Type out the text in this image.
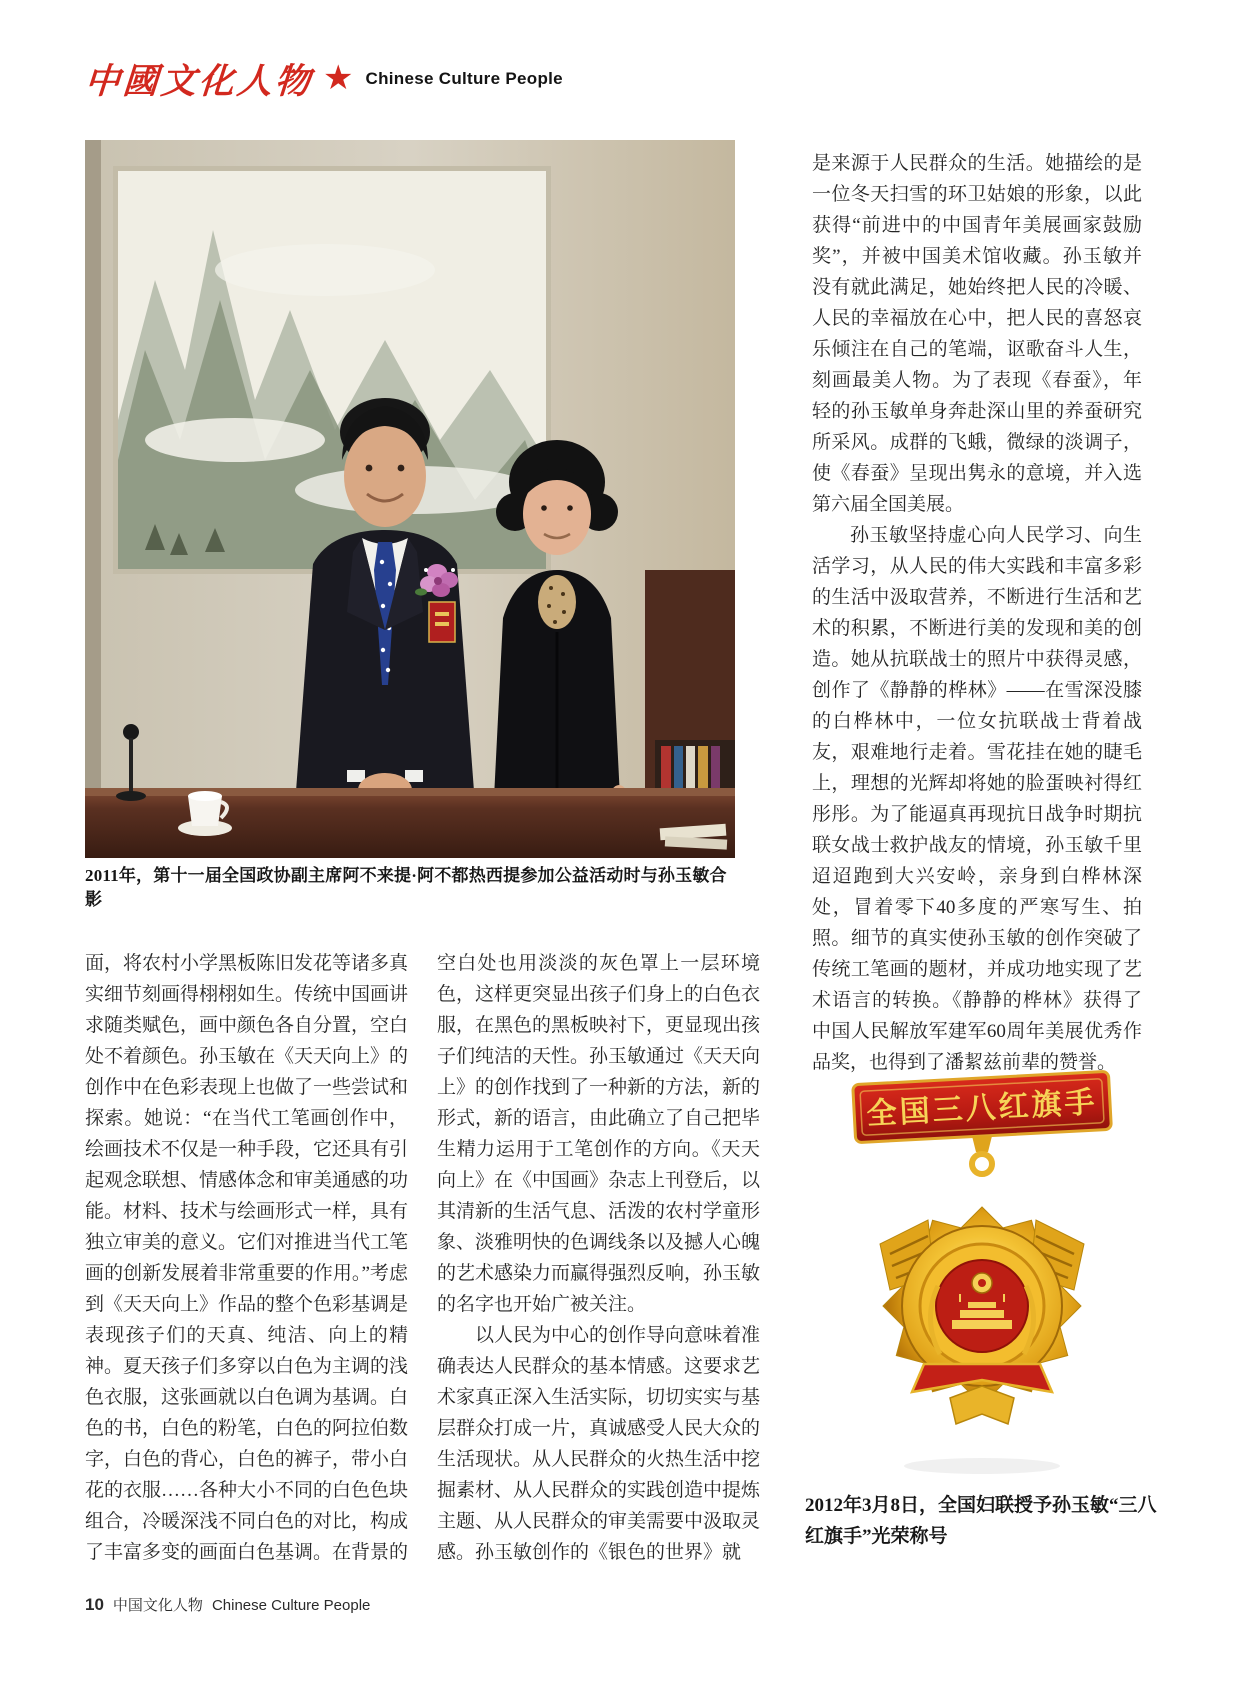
中國文化人物 ★ Chinese Culture People
2011年，第十一届全国政协副主席阿不来提·阿不都热西提参加公益活动时与孙玉敏合影

面，将农村小学黑板陈旧发花等诸多真实细节刻画得栩栩如生。传统中国画讲求随类赋色，画中颜色各自分置，空白处不着颜色。孙玉敏在《天天向上》的创作中在色彩表现上也做了一些尝试和探索。她说：“在当代工笔画创作中，绘画技术不仅是一种手段，它还具有引起观念联想、情感体念和审美通感的功能。材料、技术与绘画形式一样，具有独立审美的意义。它们对推进当代工笔画的创新发展着非常重要的作用。”考虑到《天天向上》作品的整个色彩基调是表现孩子们的天真、纯洁、向上的精神。夏天孩子们多穿以白色为主调的浅色衣服，这张画就以白色调为基调。白色的书，白色的粉笔，白色的阿拉伯数字，白色的背心，白色的裤子，带小白花的衣服……各种大小不同的白色色块组合，冷暖深浅不同白色的对比，构成了丰富多变的画面白色基调。在背景的

空白处也用淡淡的灰色罩上一层环境色，这样更突显出孩子们身上的白色衣服，在黑色的黑板映衬下，更显现出孩子们纯洁的天性。孙玉敏通过《天天向上》的创作找到了一种新的方法，新的形式，新的语言，由此确立了自己把毕生精力运用于工笔创作的方向。《天天向上》在《中国画》杂志上刊登后，以其清新的生活气息、活泼的农村学童形象、淡雅明快的色调线条以及撼人心魄的艺术感染力而赢得强烈反响，孙玉敏的名字也开始广被关注。

以人民为中心的创作导向意味着准确表达人民群众的基本情感。这要求艺术家真正深入生活实际，切切实实与基层群众打成一片，真诚感受人民大众的生活现状。从人民群众的火热生活中挖掘素材、从人民群众的实践创造中提炼主题、从人民群众的审美需要中汲取灵感。孙玉敏创作的《银色的世界》就

是来源于人民群众的生活。她描绘的是一位冬天扫雪的环卫姑娘的形象，以此获得“前进中的中国青年美展画家鼓励奖”，并被中国美术馆收藏。孙玉敏并没有就此满足，她始终把人民的冷暖、人民的幸福放在心中，把人民的喜怒哀乐倾注在自己的笔端，讴歌奋斗人生，刻画最美人物。为了表现《春蚕》，年轻的孙玉敏单身奔赴深山里的养蚕研究所采风。成群的飞蛾，微绿的淡调子，使《春蚕》呈现出隽永的意境，并入选第六届全国美展。

孙玉敏坚持虚心向人民学习、向生活学习，从人民的伟大实践和丰富多彩的生活中汲取营养，不断进行生活和艺术的积累，不断进行美的发现和美的创造。她从抗联战士的照片中获得灵感，创作了《静静的桦林》——在雪深没膝的白桦林中，一位女抗联战士背着战友，艰难地行走着。雪花挂在她的睫毛上，理想的光辉却将她的脸蛋映衬得红彤彤。为了能逼真再现抗日战争时期抗联女战士救护战友的情境，孙玉敏千里迢迢跑到大兴安岭，亲身到白桦林深处，冒着零下40多度的严寒写生、拍照。细节的真实使孙玉敏的创作突破了传统工笔画的题材，并成功地实现了艺术语言的转换。《静静的桦林》获得了中国人民解放军建军60周年美展优秀作品奖，也得到了潘絜兹前辈的赞誉。

全国三八红旗手
2012年3月8日，全国妇联授予孙玉敏“三八红旗手”光荣称号
10 中国文化人物 Chinese Culture People
